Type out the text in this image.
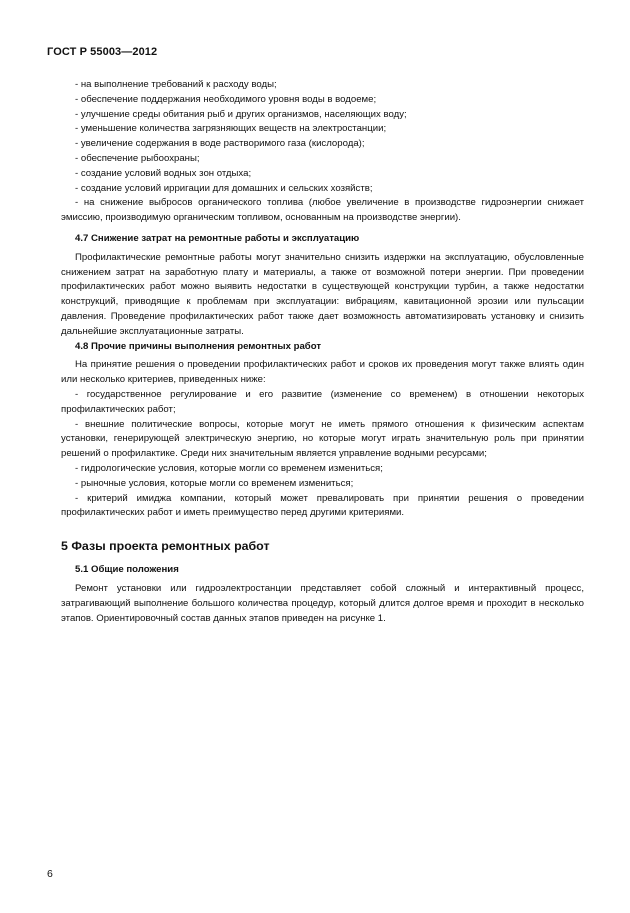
ГОСТ Р 55003—2012

- на выполнение требований к расходу воды;

- обеспечение поддержания необходимого уровня воды в водоеме;

- улучшение среды обитания рыб и других организмов, населяющих воду;

- уменьшение количества загрязняющих веществ на электростанции;

- увеличение содержания в воде растворимого газа (кислорода);

- обеспечение рыбоохраны;

- создание условий водных зон отдыха;

- создание условий ирригации для домашних и сельских хозяйств;

- на снижение выбросов органического топлива (любое увеличение в производстве гидроэнергии снижает эмиссию, производимую органическим топливом, основанным на производстве энергии).

4.7 Снижение затрат на ремонтные работы и эксплуатацию

Профилактические ремонтные работы могут значительно снизить издержки на эксплуатацию, обусловленные снижением затрат на заработную плату и материалы, а также от возможной потери энергии. При проведении профилактических работ можно выявить недостатки в существующей конструкции турбин, а также недостатки конструкций, приводящие к проблемам при эксплуатации: вибрациям, кавитационной эрозии или пульсации давления. Проведение профилактических работ также дает возможность автоматизировать установку и снизить дальнейшие эксплуатационные затраты.

4.8 Прочие причины выполнения ремонтных работ

На принятие решения о проведении профилактических работ и сроков их проведения могут также влиять один или несколько критериев, приведенных ниже:

- государственное регулирование и его развитие (изменение со временем) в отношении некоторых профилактических работ;

- внешние политические вопросы, которые могут не иметь прямого отношения к физическим аспектам установки, генерирующей электрическую энергию, но которые могут играть значительную роль при принятии решений о профилактике. Среди них значительным является управление водными ресурсами;

- гидрологические условия, которые могли со временем измениться;

- рыночные условия, которые могли со временем измениться;

- критерий имиджа компании, который может превалировать при принятии решения о проведении профилактических работ и иметь преимущество перед другими критериями.

5 Фазы проекта ремонтных работ
5.1 Общие положения

Ремонт установки или гидроэлектростанции представляет собой сложный и интерактивный процесс, затрагивающий выполнение большого количества процедур, который длится долгое время и проходит в несколько этапов. Ориентировочный состав данных этапов приведен на рисунке 1.

6
